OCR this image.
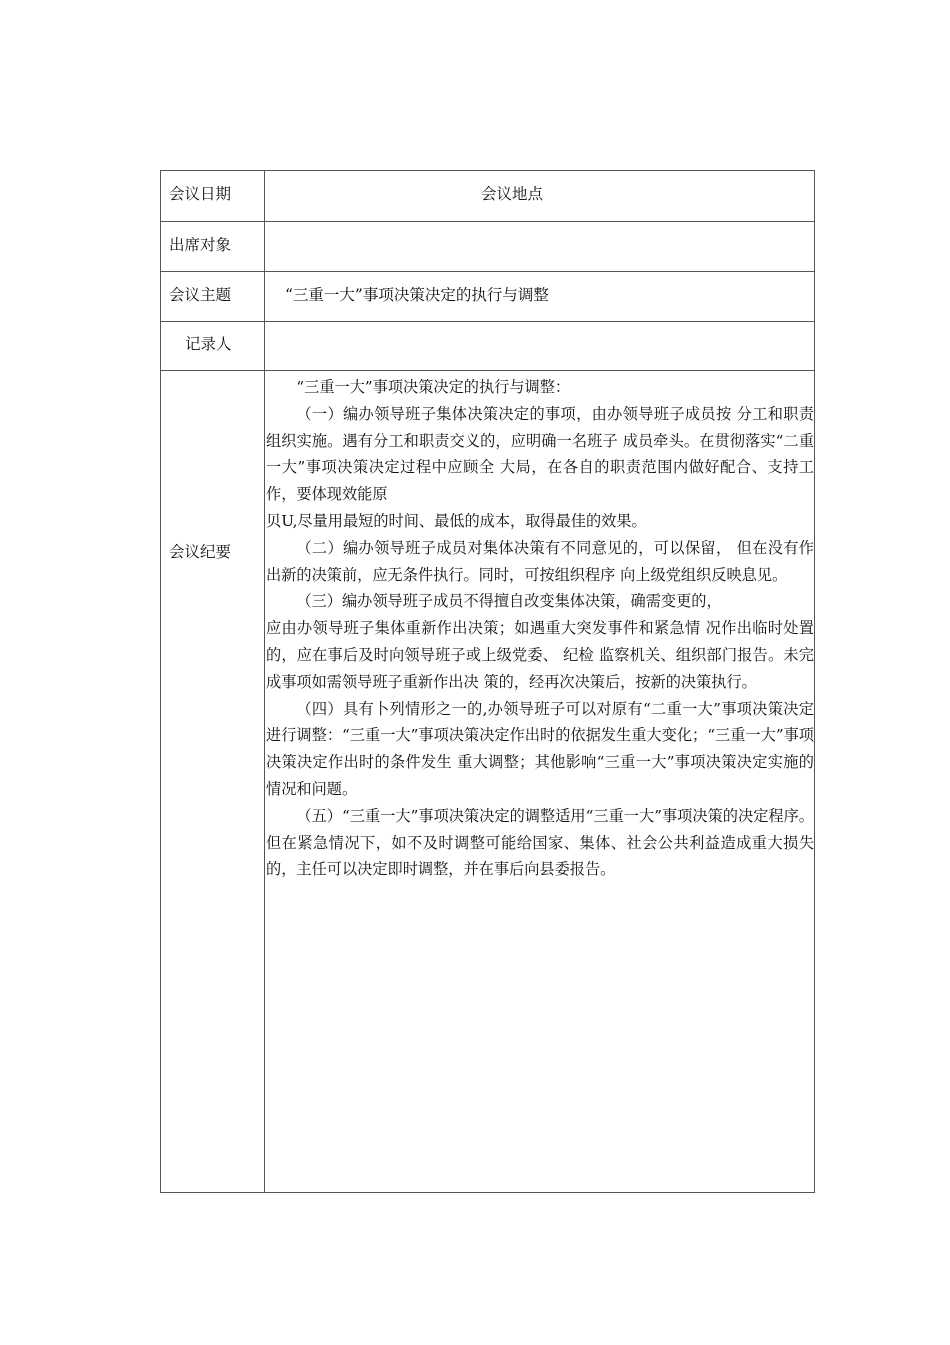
会议日期	会议地点
出席对象
会议主题	“三重一大”事项决策决定的执行与调整
记录人
会议纪要

“三重一大”事项决策决定的执行与调整：

（一）编办领导班子集体决策决定的事项，由办领导班子成员按 分工和职责组织实施。遇有分工和职责交义的，应明确一名班子 成员牵头。在贯彻落实“二重一大”事项决策决定过程中应顾全 大局，在各自的职责范围内做好配合、支持工作，要体现效能原

贝U,尽量用最短的时间、最低的成本，取得最佳的效果。

（二）编办领导班子成员对集体决策有不同意见的，可以保留， 但在没有作出新的决策前，应无条件执行。同时，可按组织程序 向上级党组织反映息见。

（三）编办领导班子成员不得擅自改变集体决策，确需变更的，

应由办领导班子集体重新作出决策；如遇重大突发事件和紧急情 况作出临时处置的，应在事后及时向领导班子或上级党委、 纪检 监察机关、组织部门报告。未完成事项如需领导班子重新作出决 策的，经再次决策后，按新的决策执行。

（四）具有卜列情形之一的,办领导班子可以对原有“二重一大”事项决策决定进行调整：“三重一大”事项决策决定作出时的依据发生重大变化；“三重一大”事项决策决定作出时的条件发生 重大调整；其他影响“三重一大”事项决策决定实施的情况和问题。

（五）“三重一大”事项决策决定的调整适用“三重一大”事项决策的决定程序。但在紧急情况下，如不及时调整可能给国家、集体、社会公共利益造成重大损失的，主任可以决定即时调整，并在事后向县委报告。
